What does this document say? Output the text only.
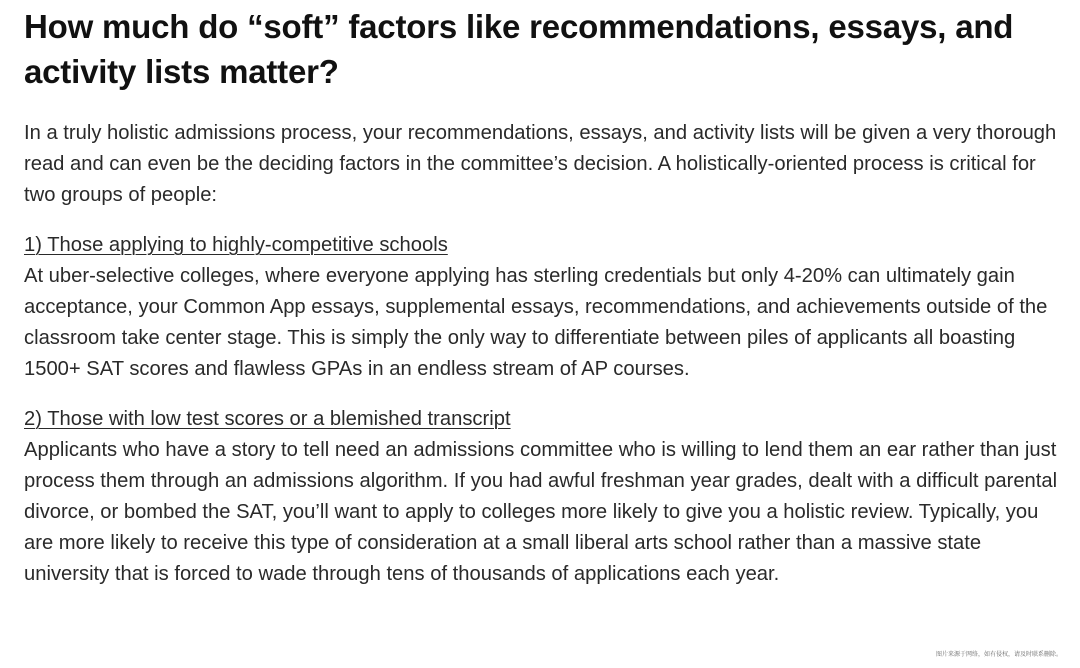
How much do “soft” factors like recommendations, essays, and activity lists matter?

In a truly holistic admissions process, your recommendations, essays, and activity lists will be given a very thorough read and can even be the deciding factors in the committee’s decision. A holistically-oriented process is critical for two groups of people:

1) Those applying to highly-competitive schools

At uber-selective colleges, where everyone applying has sterling credentials but only 4-20% can ultimately gain acceptance, your Common App essays, supplemental essays, recommendations, and achievements outside of the classroom take center stage. This is simply the only way to differentiate between piles of applicants all boasting 1500+ SAT scores and flawless GPAs in an endless stream of AP courses.

2) Those with low test scores or a blemished transcript

Applicants who have a story to tell need an admissions committee who is willing to lend them an ear rather than just process them through an admissions algorithm. If you had awful freshman year grades, dealt with a difficult parental divorce, or bombed the SAT, you’ll want to apply to colleges more likely to give you a holistic review. Typically, you are more likely to receive this type of consideration at a small liberal arts school rather than a massive state university that is forced to wade through tens of thousands of applications each year.

图片来源于网络，如有侵权，请及时联系删除。
